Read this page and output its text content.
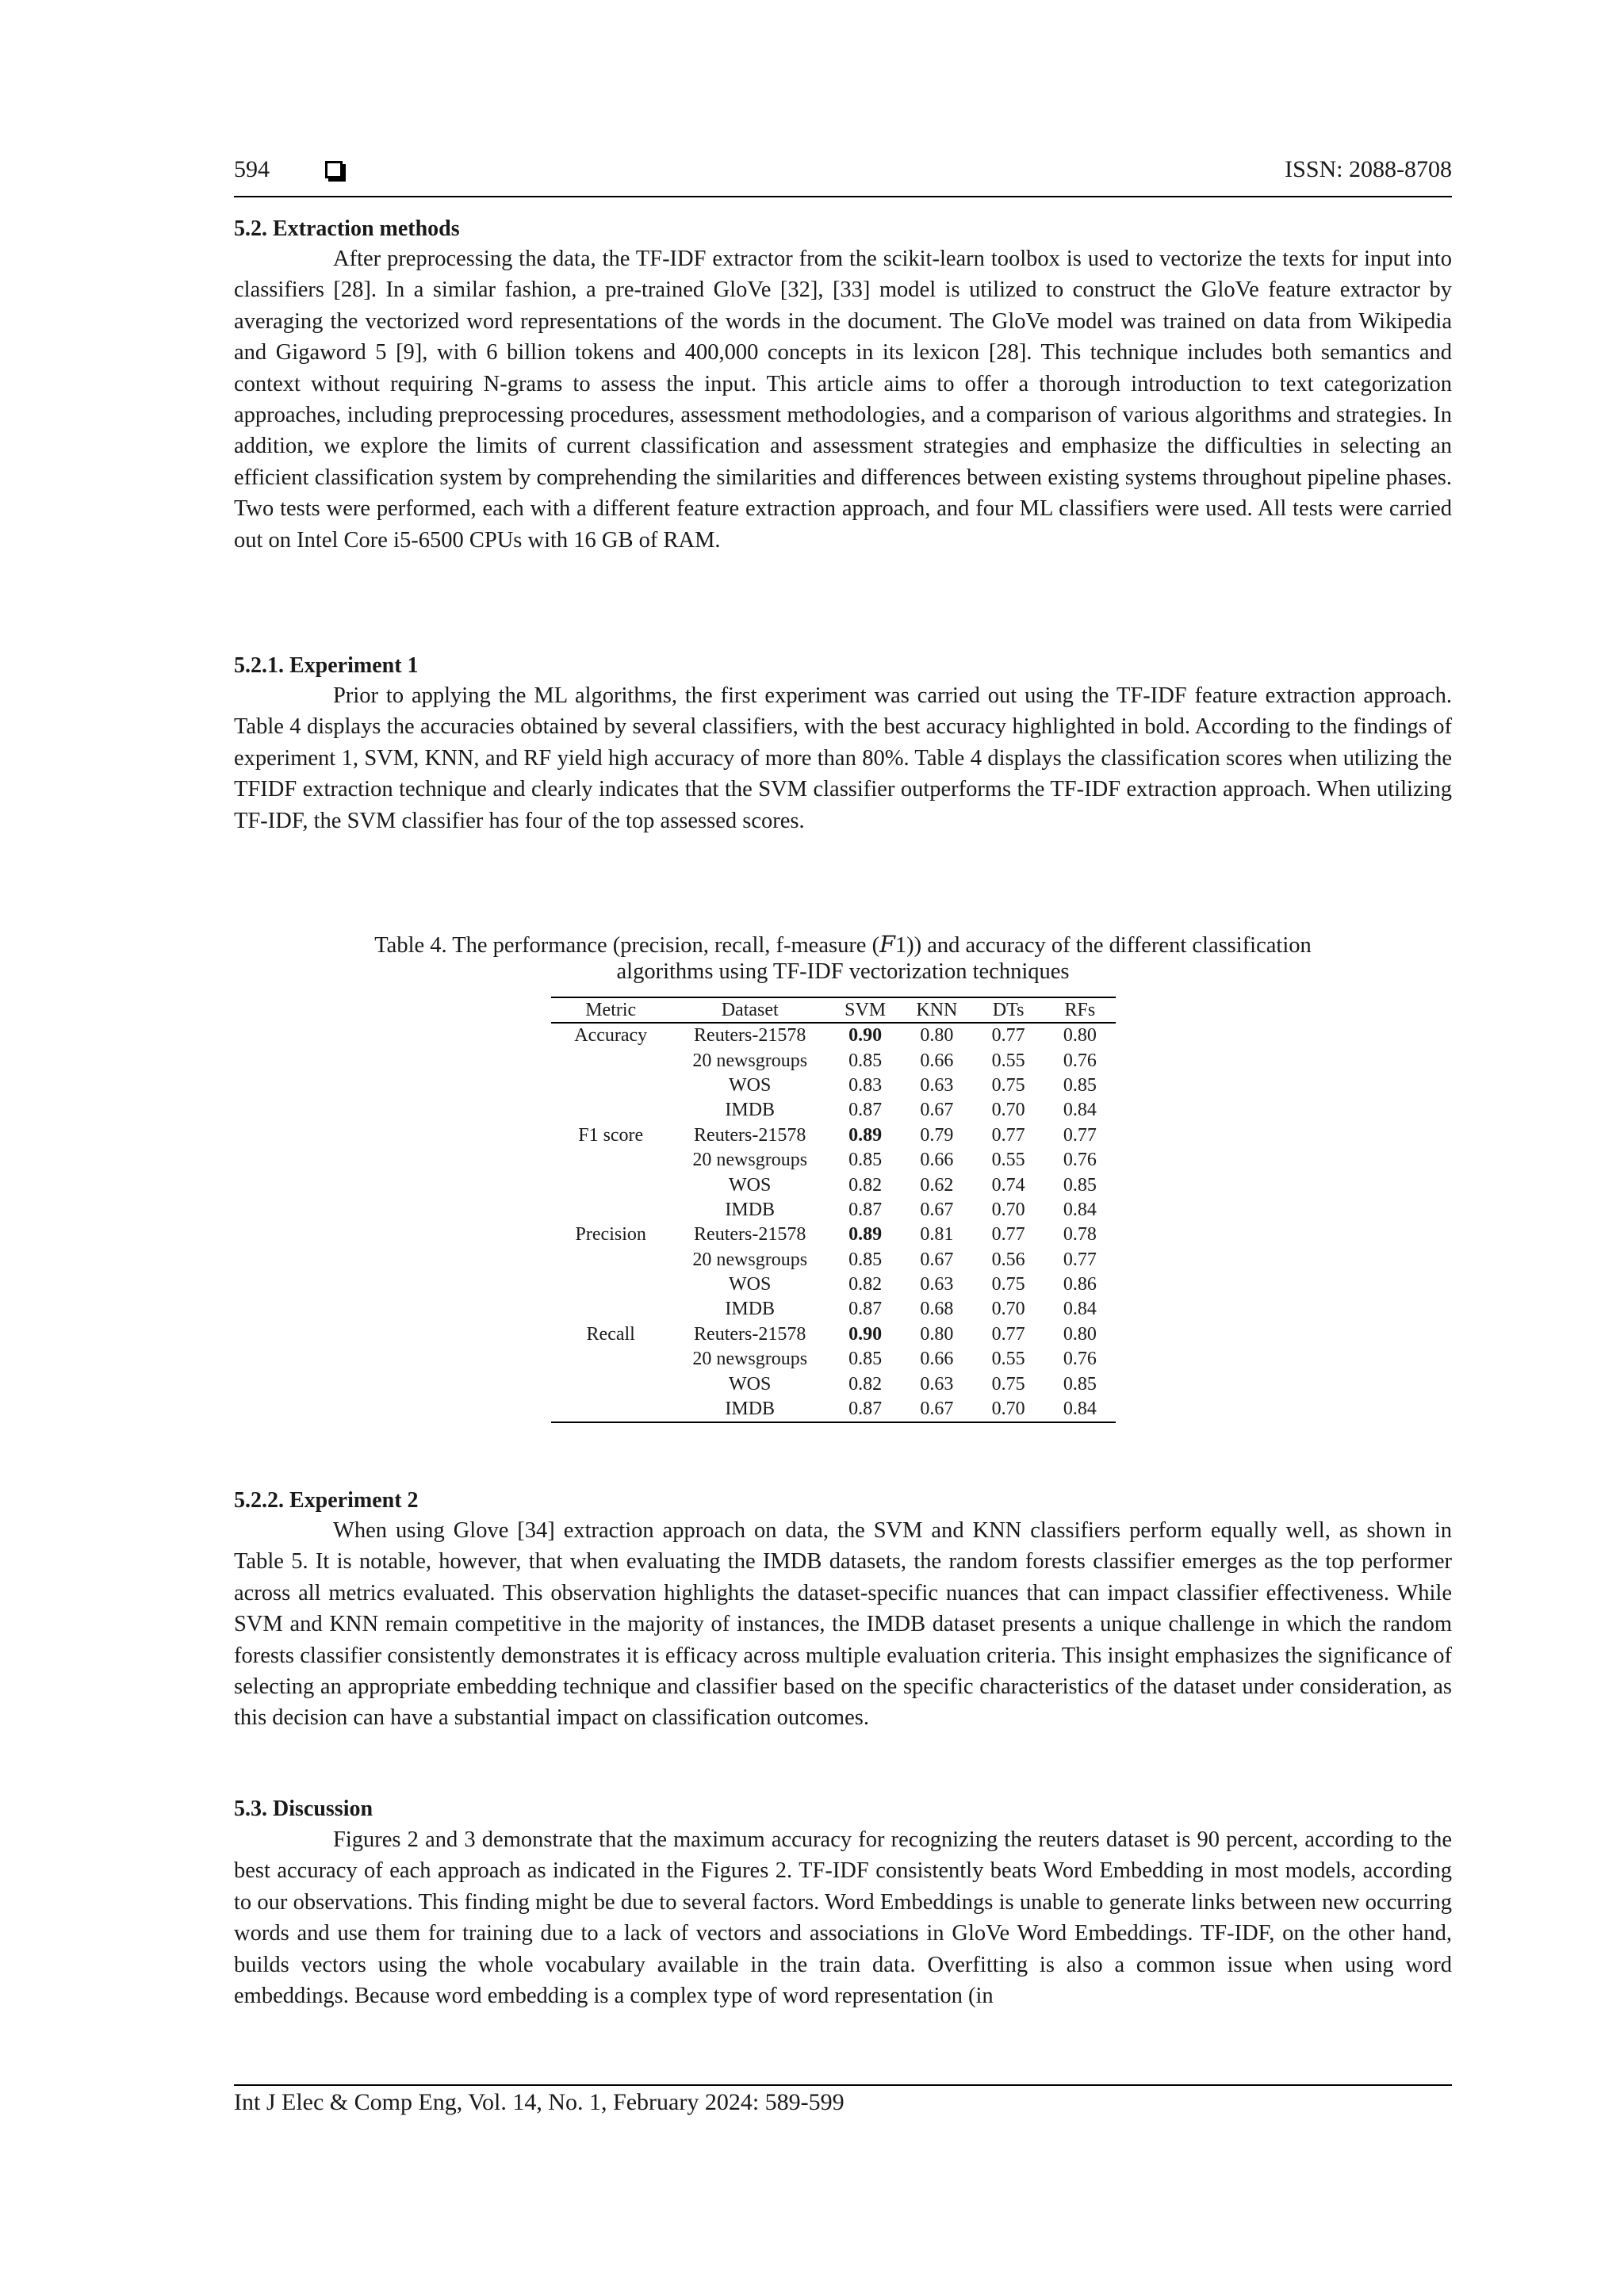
594	ISSN: 2088-8708
5.2. Extraction methods
After preprocessing the data, the TF-IDF extractor from the scikit-learn toolbox is used to vectorize the texts for input into classifiers [28]. In a similar fashion, a pre-trained GloVe [32], [33] model is utilized to construct the GloVe feature extractor by averaging the vectorized word representations of the words in the document. The GloVe model was trained on data from Wikipedia and Gigaword 5 [9], with 6 billion tokens and 400,000 concepts in its lexicon [28]. This technique includes both semantics and context without requiring N-grams to assess the input. This article aims to offer a thorough introduction to text categorization approaches, including preprocessing procedures, assessment methodologies, and a comparison of various algorithms and strategies. In addition, we explore the limits of current classification and assessment strategies and emphasize the difficulties in selecting an efficient classification system by comprehending the similarities and differences between existing systems throughout pipeline phases. Two tests were performed, each with a different feature extraction approach, and four ML classifiers were used. All tests were carried out on Intel Core i5-6500 CPUs with 16 GB of RAM.
5.2.1. Experiment 1
Prior to applying the ML algorithms, the first experiment was carried out using the TF-IDF feature extraction approach. Table 4 displays the accuracies obtained by several classifiers, with the best accuracy highlighted in bold. According to the findings of experiment 1, SVM, KNN, and RF yield high accuracy of more than 80%. Table 4 displays the classification scores when utilizing the TFIDF extraction technique and clearly indicates that the SVM classifier outperforms the TF-IDF extraction approach. When utilizing TF-IDF, the SVM classifier has four of the top assessed scores.
Table 4. The performance (precision, recall, f-measure (𝐹1)) and accuracy of the different classification
algorithms using TF-IDF vectorization techniques
Metric	Dataset	SVM	KNN	DTs	RFs
Accuracy	Reuters-21578	0.90	0.80	0.77	0.80
	20 newsgroups	0.85	0.66	0.55	0.76
	WOS	0.83	0.63	0.75	0.85
	IMDB	0.87	0.67	0.70	0.84
F1 score	Reuters-21578	0.89	0.79	0.77	0.77
	20 newsgroups	0.85	0.66	0.55	0.76
	WOS	0.82	0.62	0.74	0.85
	IMDB	0.87	0.67	0.70	0.84
Precision	Reuters-21578	0.89	0.81	0.77	0.78
	20 newsgroups	0.85	0.67	0.56	0.77
	WOS	0.82	0.63	0.75	0.86
	IMDB	0.87	0.68	0.70	0.84
Recall	Reuters-21578	0.90	0.80	0.77	0.80
	20 newsgroups	0.85	0.66	0.55	0.76
	WOS	0.82	0.63	0.75	0.85
	IMDB	0.87	0.67	0.70	0.84
5.2.2. Experiment 2
When using Glove [34] extraction approach on data, the SVM and KNN classifiers perform equally well, as shown in Table 5. It is notable, however, that when evaluating the IMDB datasets, the random forests classifier emerges as the top performer across all metrics evaluated. This observation highlights the dataset-specific nuances that can impact classifier effectiveness. While SVM and KNN remain competitive in the majority of instances, the IMDB dataset presents a unique challenge in which the random forests classifier consistently demonstrates it is efficacy across multiple evaluation criteria. This insight emphasizes the significance of selecting an appropriate embedding technique and classifier based on the specific characteristics of the dataset under consideration, as this decision can have a substantial impact on classification outcomes.
5.3. Discussion
Figures 2 and 3 demonstrate that the maximum accuracy for recognizing the reuters dataset is 90 percent, according to the best accuracy of each approach as indicated in the Figures 2. TF-IDF consistently beats Word Embedding in most models, according to our observations. This finding might be due to several factors. Word Embeddings is unable to generate links between new occurring words and use them for training due to a lack of vectors and associations in GloVe Word Embeddings. TF-IDF, on the other hand, builds vectors using the whole vocabulary available in the train data. Overfitting is also a common issue when using word embeddings. Because word embedding is a complex type of word representation (in
Int J Elec & Comp Eng, Vol. 14, No. 1, February 2024: 589-599
